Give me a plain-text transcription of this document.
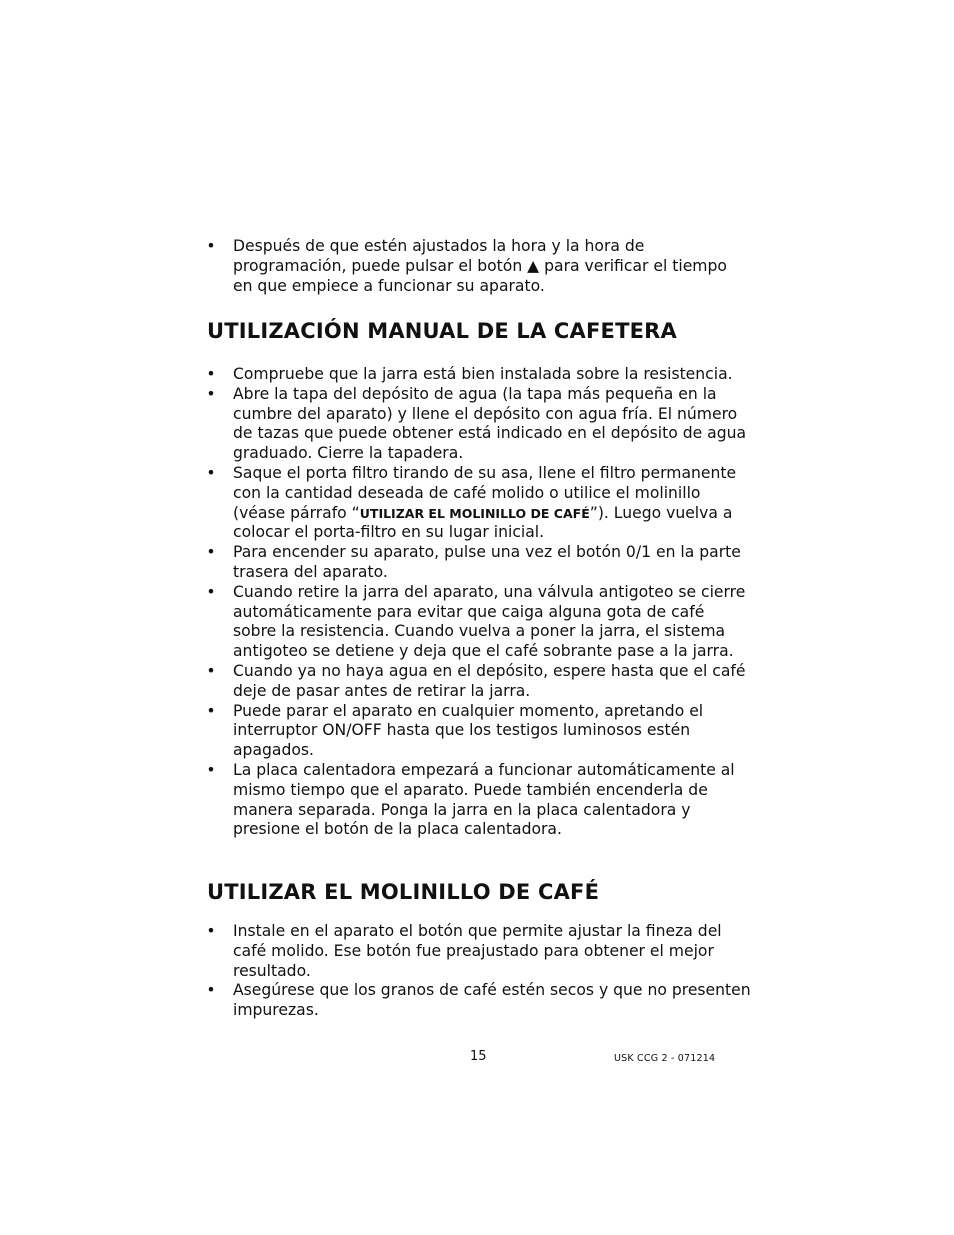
• Después de que estén ajustados la hora y la hora de programación, puede pulsar el botón ▲ para verificar el tiempo en que empiece a funcionar su aparato.
UTILIZACIÓN MANUAL DE LA CAFETERA
• Compruebe que la jarra está bien instalada sobre la resistencia.
• Abre la tapa del depósito de agua (la tapa más pequeña en la cumbre del aparato) y llene el depósito con agua fría. El número de tazas que puede obtener está indicado en el depósito de agua graduado. Cierre la tapadera.
• Saque el porta filtro tirando de su asa, llene el filtro permanente con la cantidad deseada de café molido o utilice el molinillo (véase párrafo “UTILIZAR EL MOLINILLO DE CAFÉ”). Luego vuelva a colocar el porta-filtro en su lugar inicial.
• Para encender su aparato, pulse una vez el botón 0/1 en la parte trasera del aparato.
• Cuando retire la jarra del aparato, una válvula antigoteo se cierre automáticamente para evitar que caiga alguna gota de café sobre la resistencia. Cuando vuelva a poner la jarra, el sistema antigoteo se detiene y deja que el café sobrante pase a la jarra.
• Cuando ya no haya agua en el depósito, espere hasta que el café deje de pasar antes de retirar la jarra.
• Puede parar el aparato en cualquier momento, apretando el interruptor ON/OFF hasta que los testigos luminosos estén apagados.
• La placa calentadora empezará a funcionar automáticamente al mismo tiempo que el aparato. Puede también encenderla de manera separada. Ponga la jarra en la placa calentadora y presione el botón de la placa calentadora.
UTILIZAR EL MOLINILLO DE CAFÉ
• Instale en el aparato el botón que permite ajustar la fineza del café molido. Ese botón fue preajustado para obtener el mejor resultado.
• Asegúrese que los granos de café estén secos y que no presenten impurezas.
15	USK CCG 2 - 071214
